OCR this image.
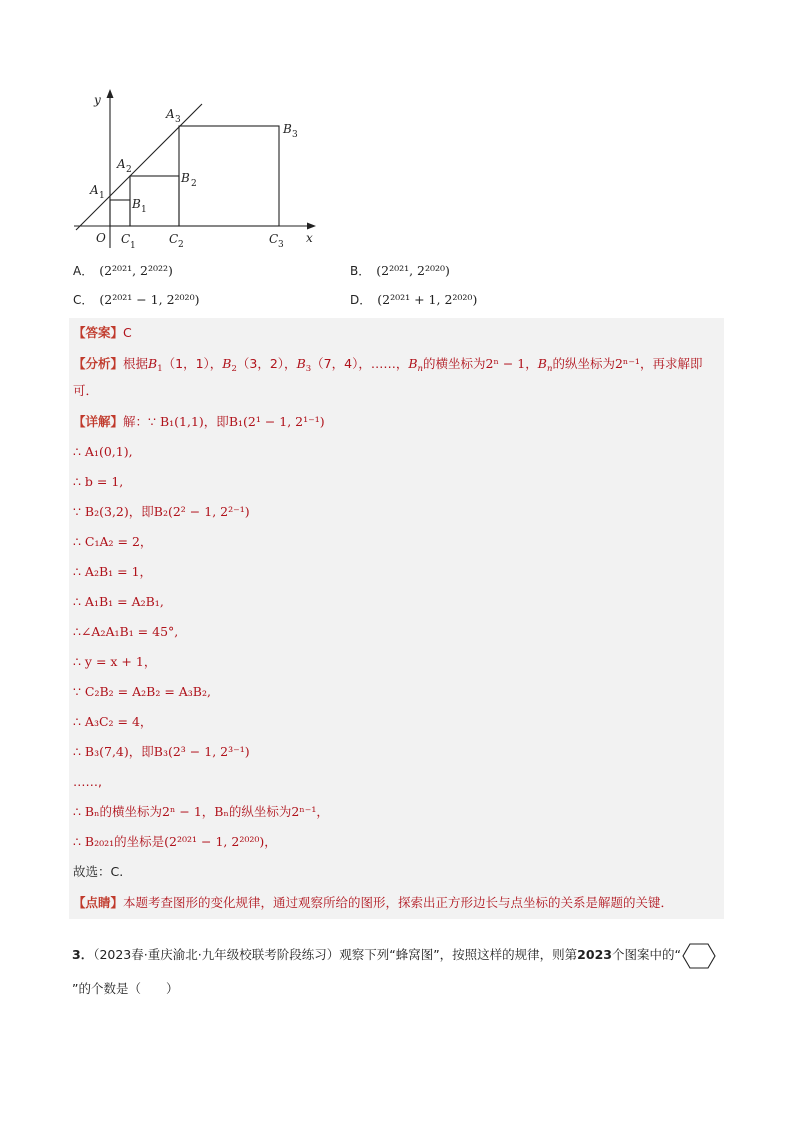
y
x
O
A 1
A 2
A 3
B 1
B 2
B 3
C 1	C 2	C 3
A． (2²⁰²¹, 2²⁰²²)	B． (2²⁰²¹, 2²⁰²⁰)
C． (2²⁰²¹ − 1, 2²⁰²⁰)	D． (2²⁰²¹ + 1, 2²⁰²⁰)
【答案】C
【分析】根据$B_1(1$，1），$B_2(3$，2），$B_3(7$，4），……，$B_n$的横坐标为2ⁿ − 1，$B_n$的纵坐标为2ⁿ⁻¹，再求解即可．
【详解】解：∵ B₁(1,1)，即B₁(2¹ − 1, 2¹⁻¹)
∴ A₁(0,1),
∴ b = 1,
∵ B₂(3,2)，即B₂(2² − 1, 2²⁻¹)
∴ C₁A₂ = 2，
∴ A₂B₁ = 1，
∴ A₁B₁ = A₂B₁,
∴∠A₂A₁B₁ = 45°,
∴ y = x + 1，
∵ C₂B₂ = A₂B₂ = A₃B₂,
∴ A₃C₂ = 4，
∴ B₃(7,4)，即B₃(2³ − 1, 2³⁻¹)
……,
∴ Bₙ的横坐标为2ⁿ − 1，Bₙ的纵坐标为2ⁿ⁻¹，
∴ B₂₀₂₁的坐标是(2²⁰²¹ − 1, 2²⁰²⁰)，
故选：C.
【点睛】本题考查图形的变化规律，通过观察所给的图形，探索出正方形边长与点坐标的关系是解题的关键．
3．（2023春·重庆渝北·九年级校联考阶段练习）观察下列“蜂窝图”，按照这样的规律，则第2023个图案中的“”的个数是（　　）
